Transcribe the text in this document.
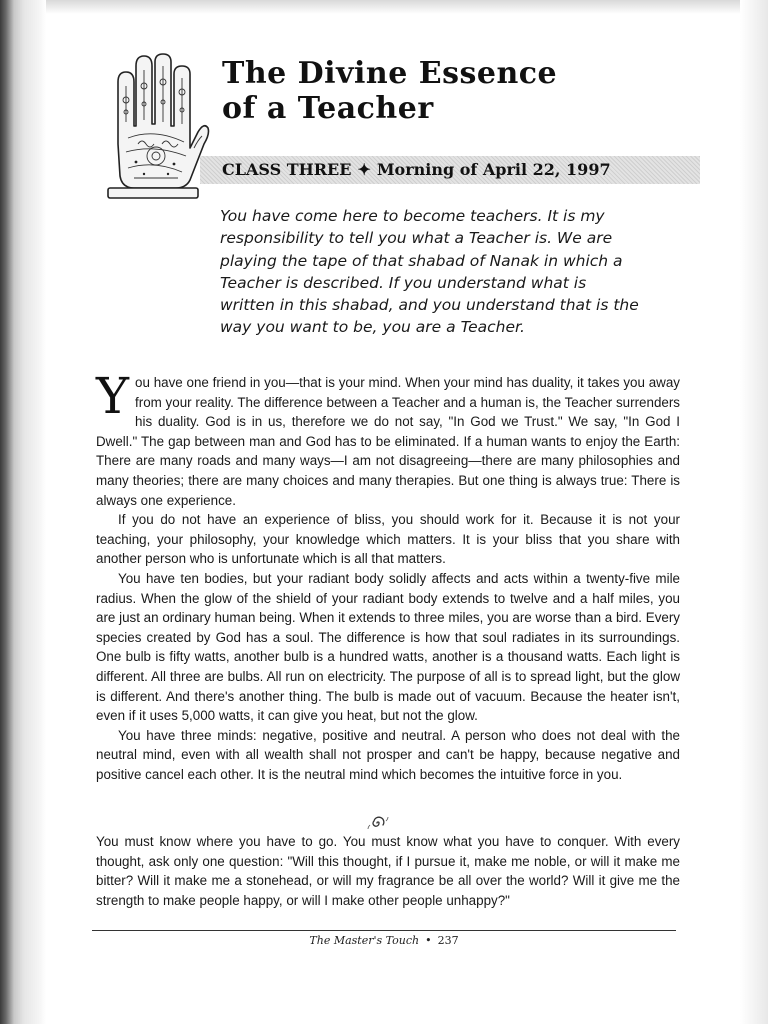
The Divine Essence
of a Teacher
CLASS THREE ✦ Morning of April 22, 1997
You have come here to become teachers. It is my responsibility to tell you what a Teacher is. We are playing the tape of that shabad of Nanak in which a Teacher is described. If you understand what is written in this shabad, and you understand that is the way you want to be, you are a Teacher.

You have one friend in you—that is your mind. When your mind has duality, it takes you away from your reality. The difference between a Teacher and a human is, the Teacher surrenders his duality. God is in us, therefore we do not say, "In God we Trust." We say, "In God I Dwell." The gap between man and God has to be eliminated. If a human wants to enjoy the Earth: There are many roads and many ways—I am not disagreeing—there are many philosophies and many theories; there are many choices and many therapies. But one thing is always true: There is always one experience.

If you do not have an experience of bliss, you should work for it. Because it is not your teaching, your philosophy, your knowledge which matters. It is your bliss that you share with another person who is unfortunate which is all that matters.

You have ten bodies, but your radiant body solidly affects and acts within a twenty-five mile radius. When the glow of the shield of your radiant body extends to twelve and a half miles, you are just an ordinary human being. When it extends to three miles, you are worse than a bird. Every species created by God has a soul. The difference is how that soul radiates in its surroundings. One bulb is fifty watts, another bulb is a hundred watts, another is a thousand watts. Each light is different. All three are bulbs. All run on electricity. The purpose of all is to spread light, but the glow is different. And there's another thing. The bulb is made out of vacuum. Because the heater isn't, even if it uses 5,000 watts, it can give you heat, but not the glow.

You have three minds: negative, positive and neutral. A person who does not deal with the neutral mind, even with all wealth shall not prosper and can't be happy, because negative and positive cancel each other. It is the neutral mind which becomes the intuitive force in you.

You must know where you have to go. You must know what you have to conquer. With every thought, ask only one question: "Will this thought, if I pursue it, make me noble, or will it make me bitter? Will it make me a stonehead, or will my fragrance be all over the world? Will it give me the strength to make people happy, or will I make other people unhappy?"
The Master's Touch • 237
